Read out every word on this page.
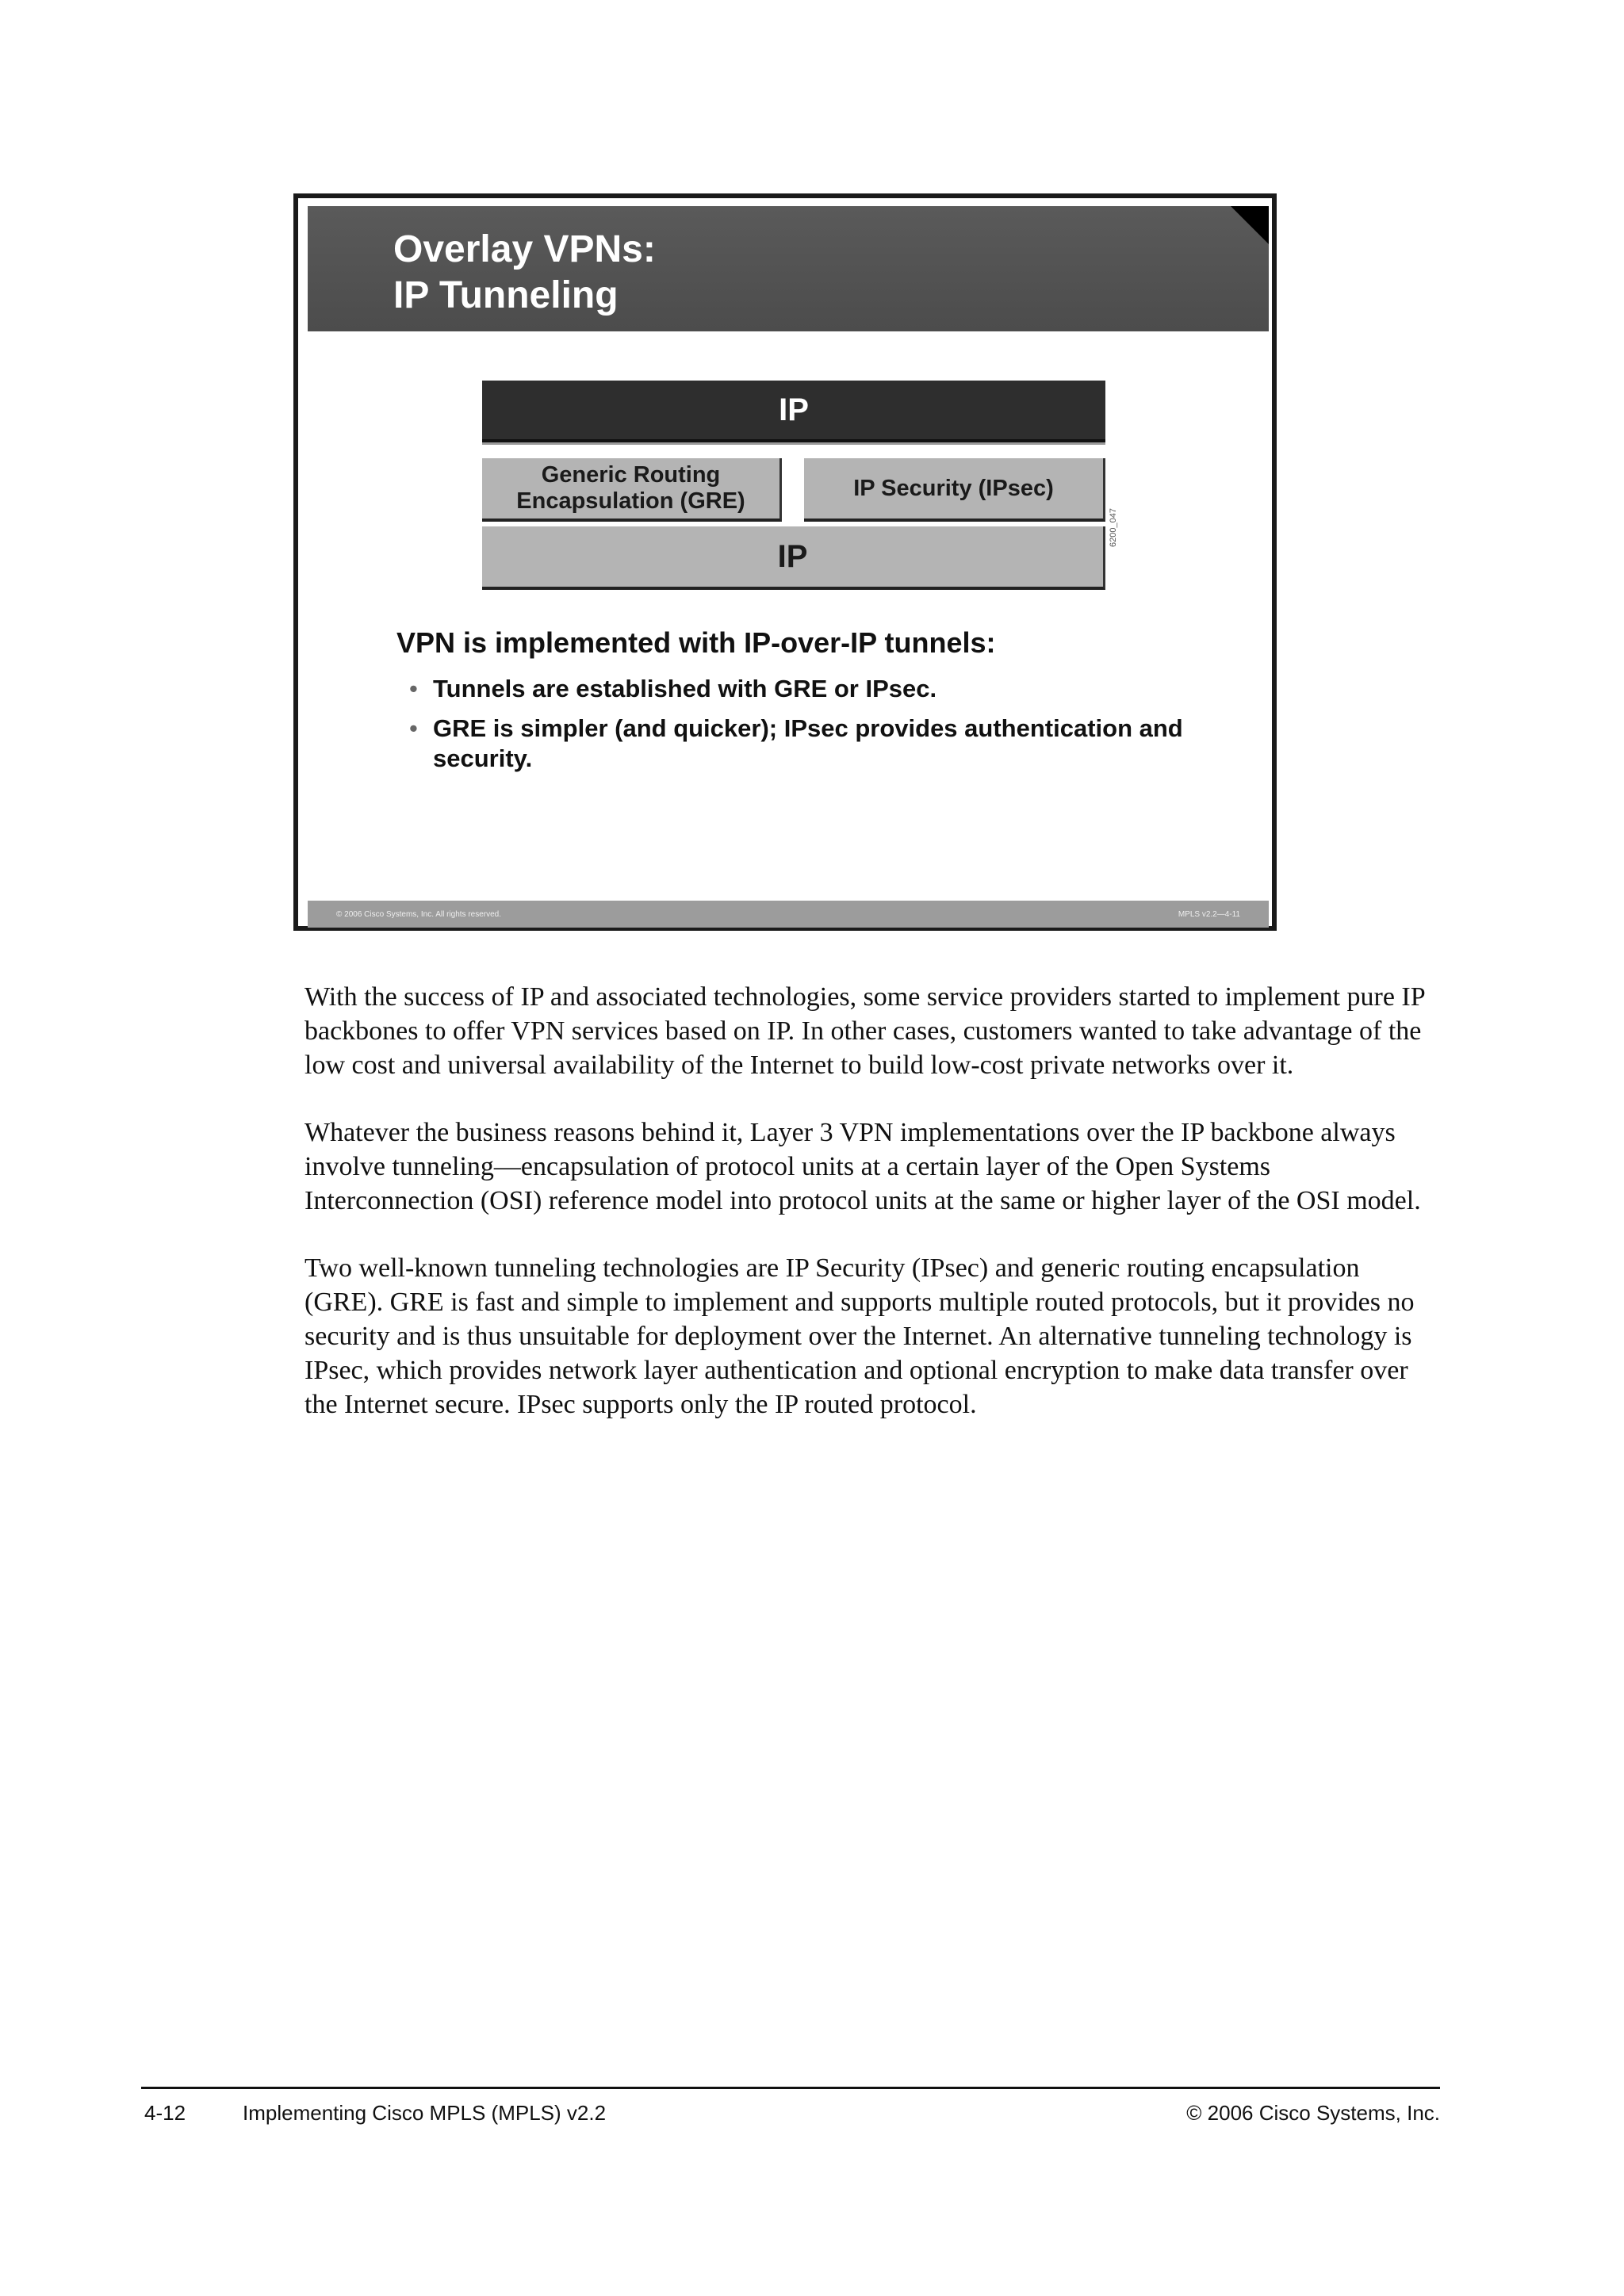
Overlay VPNs:
IP Tunneling
IP
Generic Routing
Encapsulation (GRE)
IP Security (IPsec)
IP
6200_047

VPN is implemented with IP-over-IP tunnels:

• Tunnels are established with GRE or IPsec.
• GRE is simpler (and quicker); IPsec provides authentication and security.
© 2006 Cisco Systems, Inc. All rights reserved.	MPLS v2.2—4-11

With the success of IP and associated technologies, some service providers started to implement pure IP backbones to offer VPN services based on IP. In other cases, customers wanted to take advantage of the low cost and universal availability of the Internet to build low-cost private networks over it.

Whatever the business reasons behind it, Layer 3 VPN implementations over the IP backbone always involve tunneling—encapsulation of protocol units at a certain layer of the Open Systems Interconnection (OSI) reference model into protocol units at the same or higher layer of the OSI model.

Two well-known tunneling technologies are IP Security (IPsec) and generic routing encapsulation (GRE). GRE is fast and simple to implement and supports multiple routed protocols, but it provides no security and is thus unsuitable for deployment over the Internet. An alternative tunneling technology is IPsec, which provides network layer authentication and optional encryption to make data transfer over the Internet secure. IPsec supports only the IP routed protocol.

4-12	Implementing Cisco MPLS (MPLS) v2.2	© 2006 Cisco Systems, Inc.
